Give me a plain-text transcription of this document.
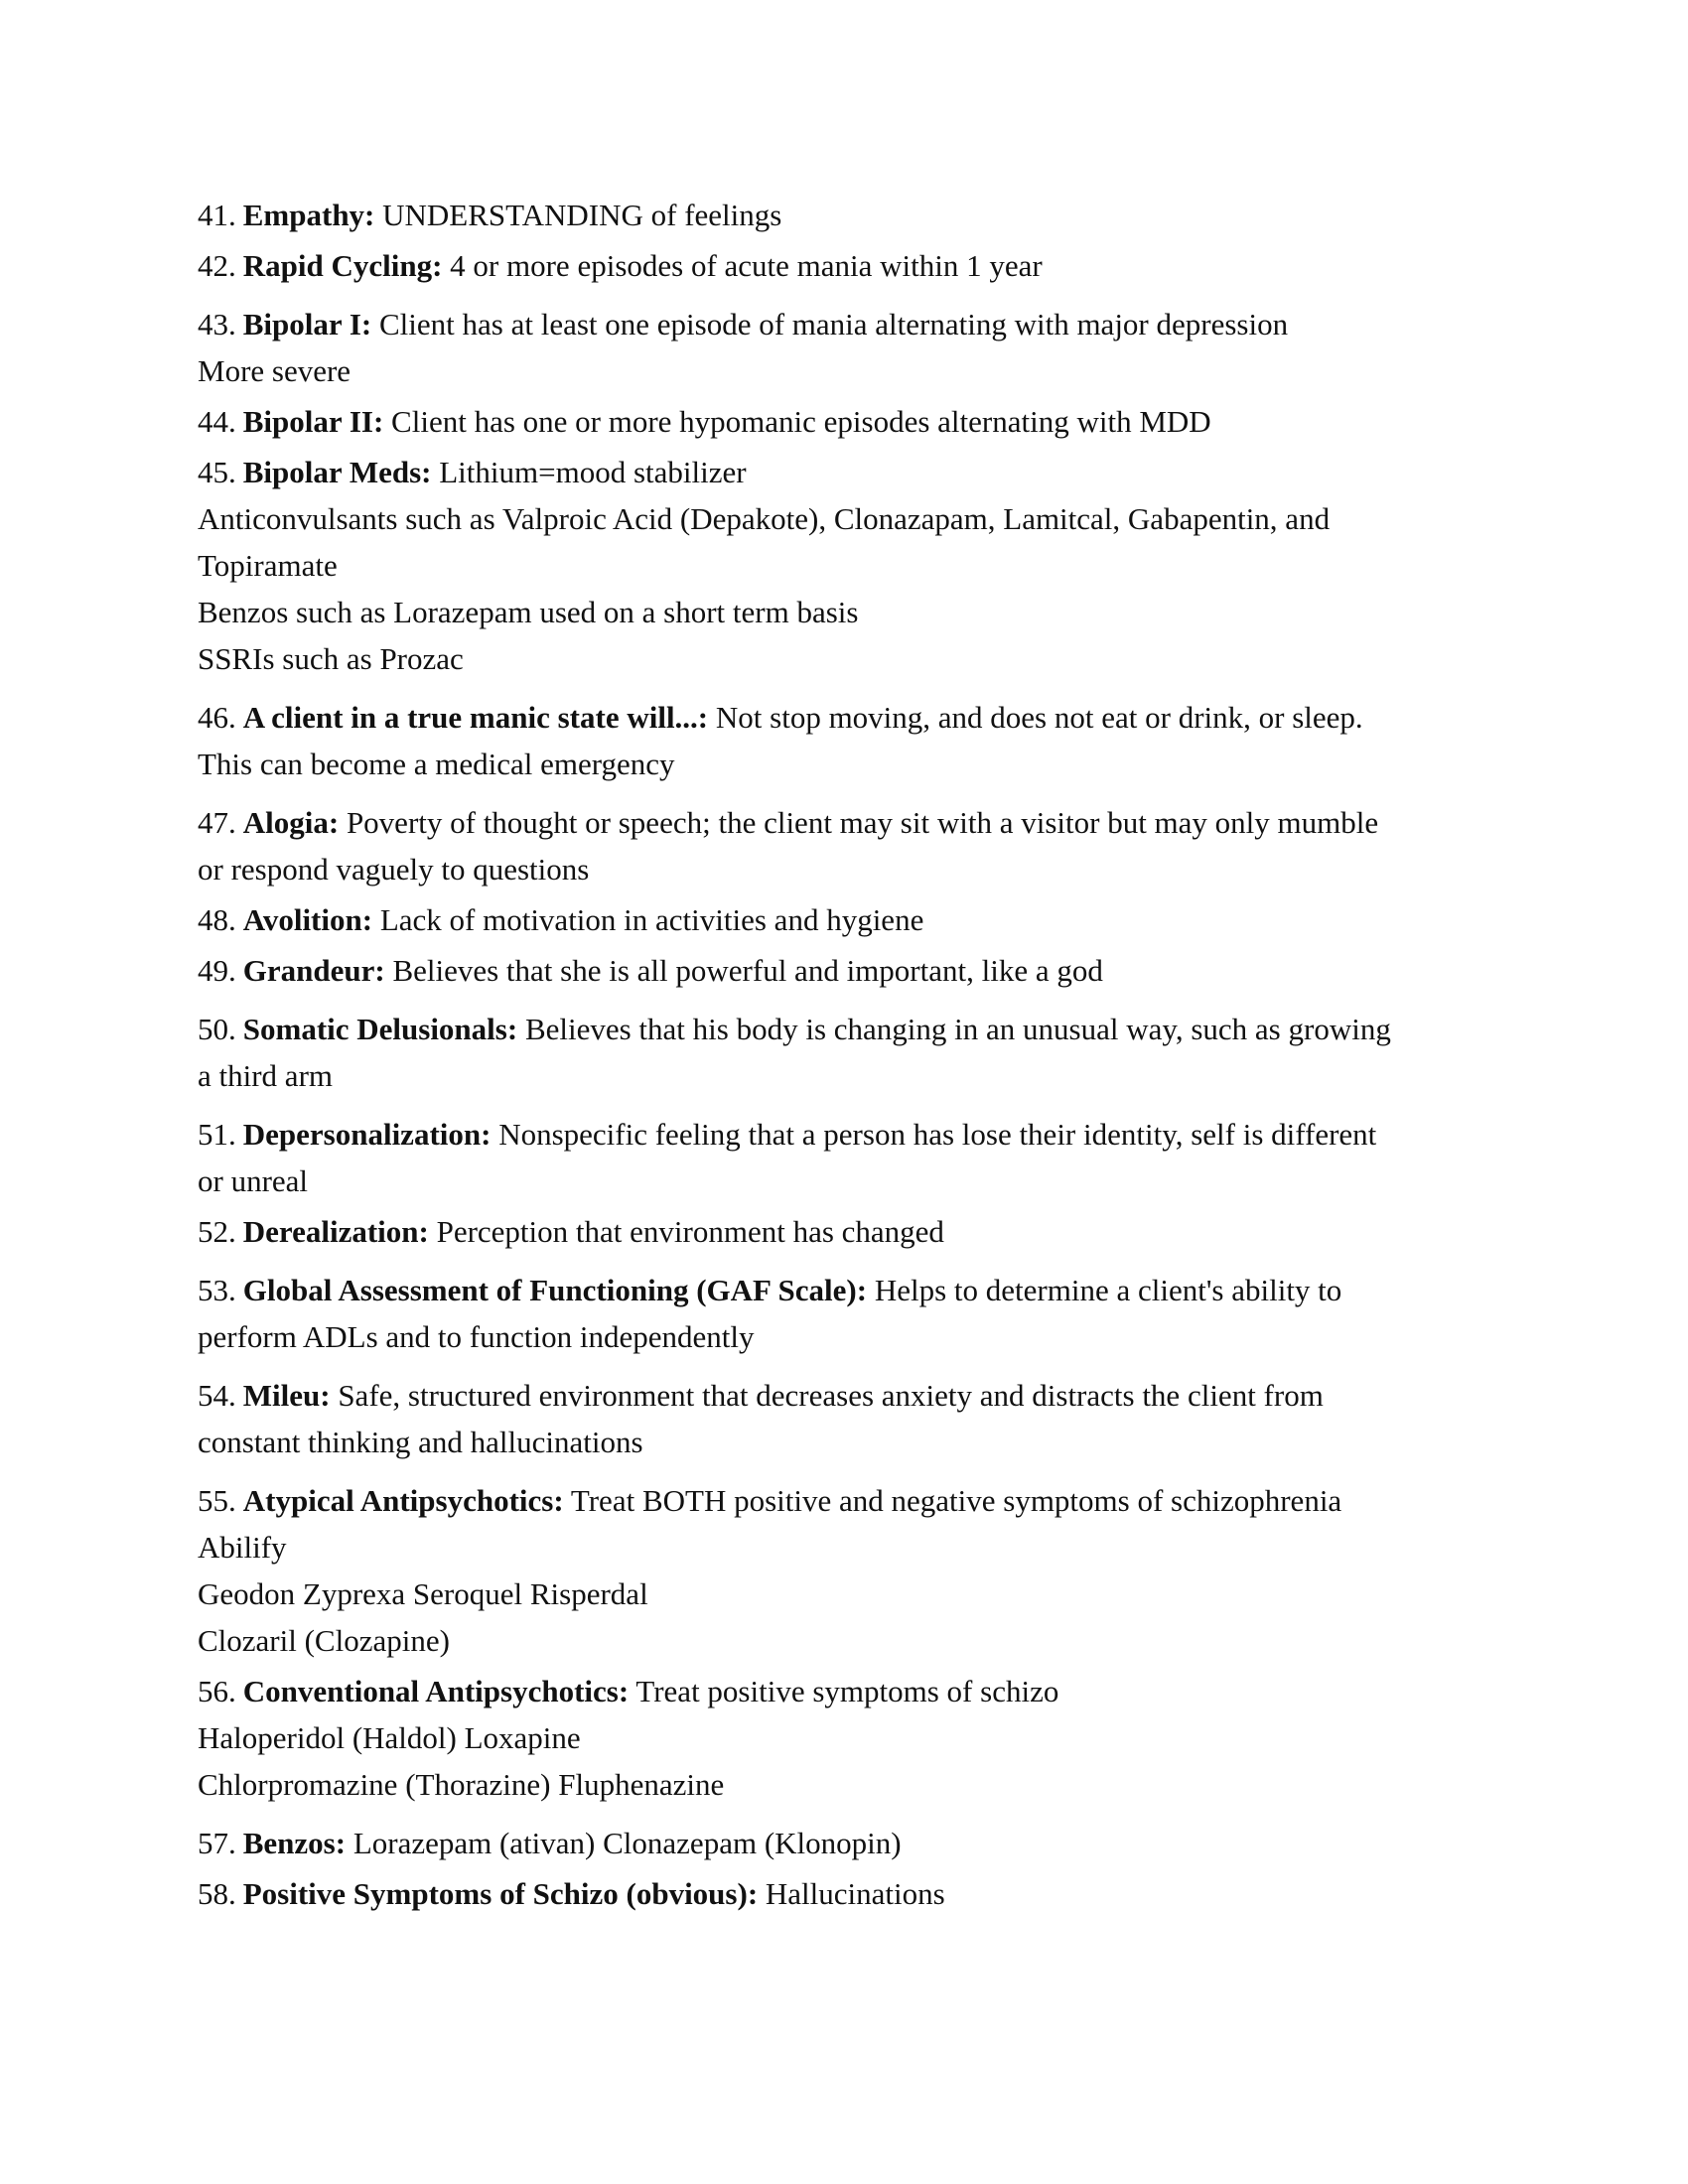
41. Empathy: UNDERSTANDING of feelings

42. Rapid Cycling: 4 or more episodes of acute mania within 1 year

43. Bipolar I: Client has at least one episode of mania alternating with major depression

More severe

44. Bipolar II: Client has one or more hypomanic episodes alternating with MDD

45. Bipolar Meds: Lithium=mood stabilizer

Anticonvulsants such as Valproic Acid (Depakote), Clonazapam, Lamitcal, Gabapentin, and

Topiramate

Benzos such as Lorazepam used on a short term basis

SSRIs such as Prozac

46. A client in a true manic state will...: Not stop moving, and does not eat or drink, or sleep.

This can become a medical emergency

47. Alogia: Poverty of thought or speech; the client may sit with a visitor but may only mumble

or respond vaguely to questions

48. Avolition: Lack of motivation in activities and hygiene

49. Grandeur: Believes that she is all powerful and important, like a god

50. Somatic Delusionals: Believes that his body is changing in an unusual way, such as growing

a third arm

51. Depersonalization: Nonspecific feeling that a person has lose their identity, self is different

or unreal

52. Derealization: Perception that environment has changed

53. Global Assessment of Functioning (GAF Scale): Helps to determine a client's ability to

perform ADLs and to function independently

54. Mileu: Safe, structured environment that decreases anxiety and distracts the client from

constant thinking and hallucinations

55. Atypical Antipsychotics: Treat BOTH positive and negative symptoms of schizophrenia

Abilify

Geodon Zyprexa Seroquel Risperdal

Clozaril (Clozapine)

56. Conventional Antipsychotics: Treat positive symptoms of schizo

Haloperidol (Haldol) Loxapine

Chlorpromazine (Thorazine) Fluphenazine

57. Benzos: Lorazepam (ativan) Clonazepam (Klonopin)

58. Positive Symptoms of Schizo (obvious): Hallucinations
